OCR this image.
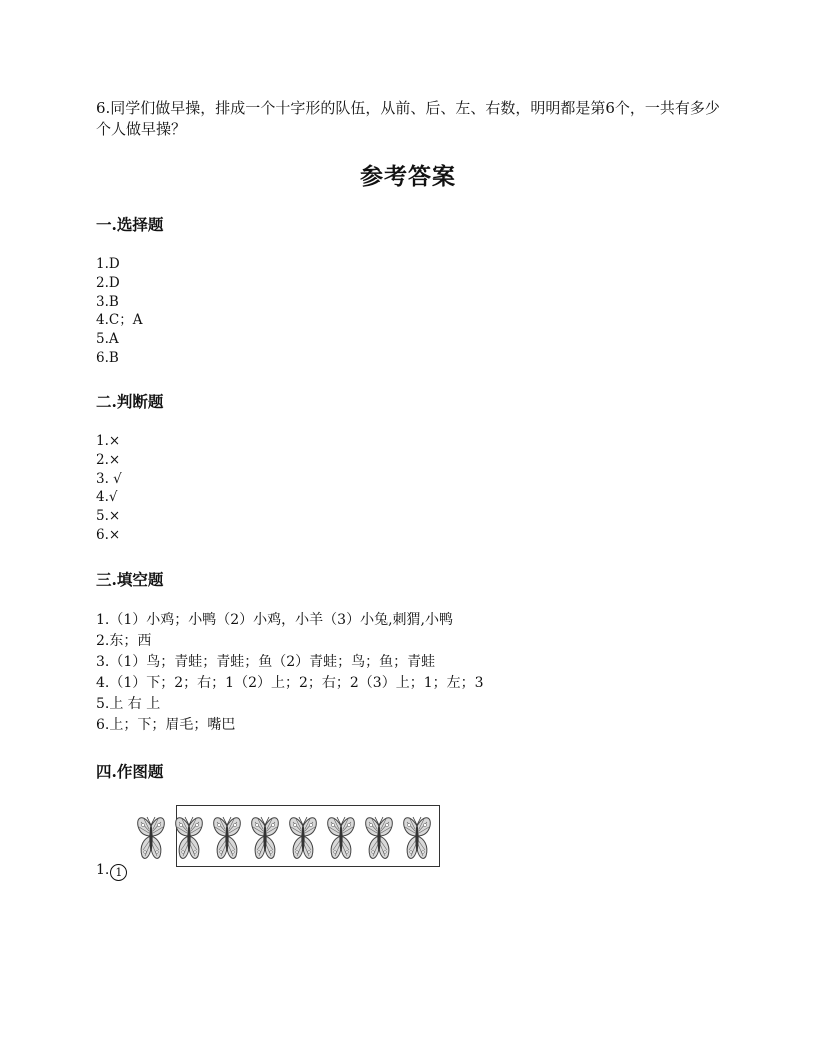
6.同学们做早操，排成一个十字形的队伍，从前、后、左、右数，明明都是第6个，一共有多少个人做早操？
参考答案
一.选择题
1.D
2.D
3.B
4.C；A
5.A
6.B
二.判断题
1.×
2.×
3. √
4.√
5.×
6.×
三.填空题
1.（1）小鸡；小鸭（2）小鸡，小羊（3）小兔,刺猬,小鸭
2.东；西
3.（1）鸟；青蛙；青蛙；鱼（2）青蛙；鸟；鱼；青蛙
4.（1）下；2；右；1（2）上；2；右；2（3）上；1；左；3
5.上 右 上
6.上；下；眉毛；嘴巴
四.作图题
1. 1
